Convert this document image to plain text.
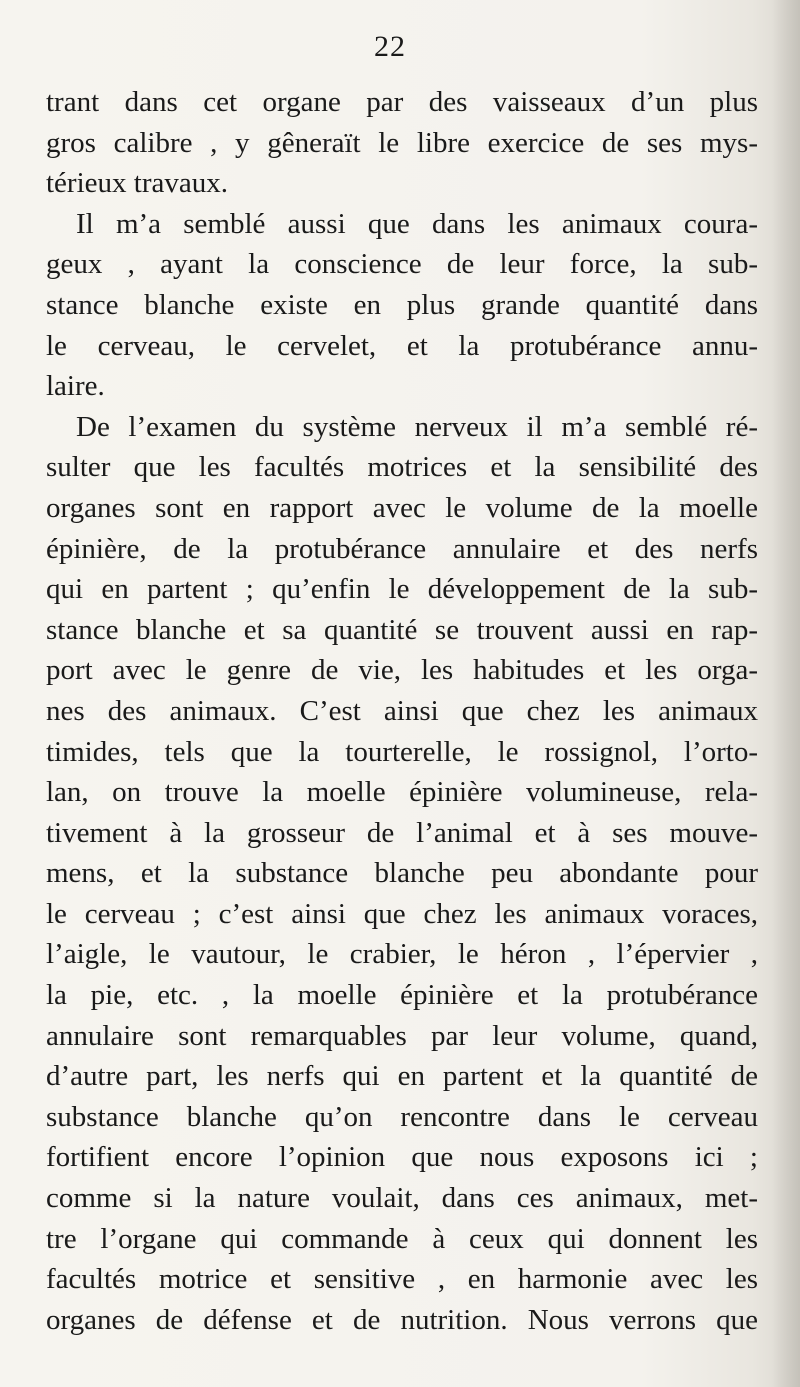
22
trant dans cet organe par des vaisseaux d’un plus
gros calibre , y gêneraït le libre exercice de ses mys-
térieux travaux.
Il m’a semblé aussi que dans les animaux coura-
geux , ayant la conscience de leur force, la sub-
stance blanche existe en plus grande quantité dans
le cerveau, le cervelet, et la protubérance annu-
laire.
De l’examen du système nerveux il m’a semblé ré-
sulter que les facultés motrices et la sensibilité des
organes sont en rapport avec le volume de la moelle
épinière, de la protubérance annulaire et des nerfs
qui en partent ; qu’enfin le développement de la sub-
stance blanche et sa quantité se trouvent aussi en rap-
port avec le genre de vie, les habitudes et les orga-
nes des animaux. C’est ainsi que chez les animaux
timides, tels que la tourterelle, le rossignol, l’orto-
lan, on trouve la moelle épinière volumineuse, rela-
tivement à la grosseur de l’animal et à ses mouve-
mens, et la substance blanche peu abondante pour
le cerveau ; c’est ainsi que chez les animaux voraces,
l’aigle, le vautour, le crabier, le héron , l’épervier ,
la pie, etc. , la moelle épinière et la protubérance
annulaire sont remarquables par leur volume, quand,
d’autre part, les nerfs qui en partent et la quantité de
substance blanche qu’on rencontre dans le cerveau
fortifient encore l’opinion que nous exposons ici ;
comme si la nature voulait, dans ces animaux, met-
tre l’organe qui commande à ceux qui donnent les
facultés motrice et sensitive , en harmonie avec les
organes de défense et de nutrition. Nous verrons que
